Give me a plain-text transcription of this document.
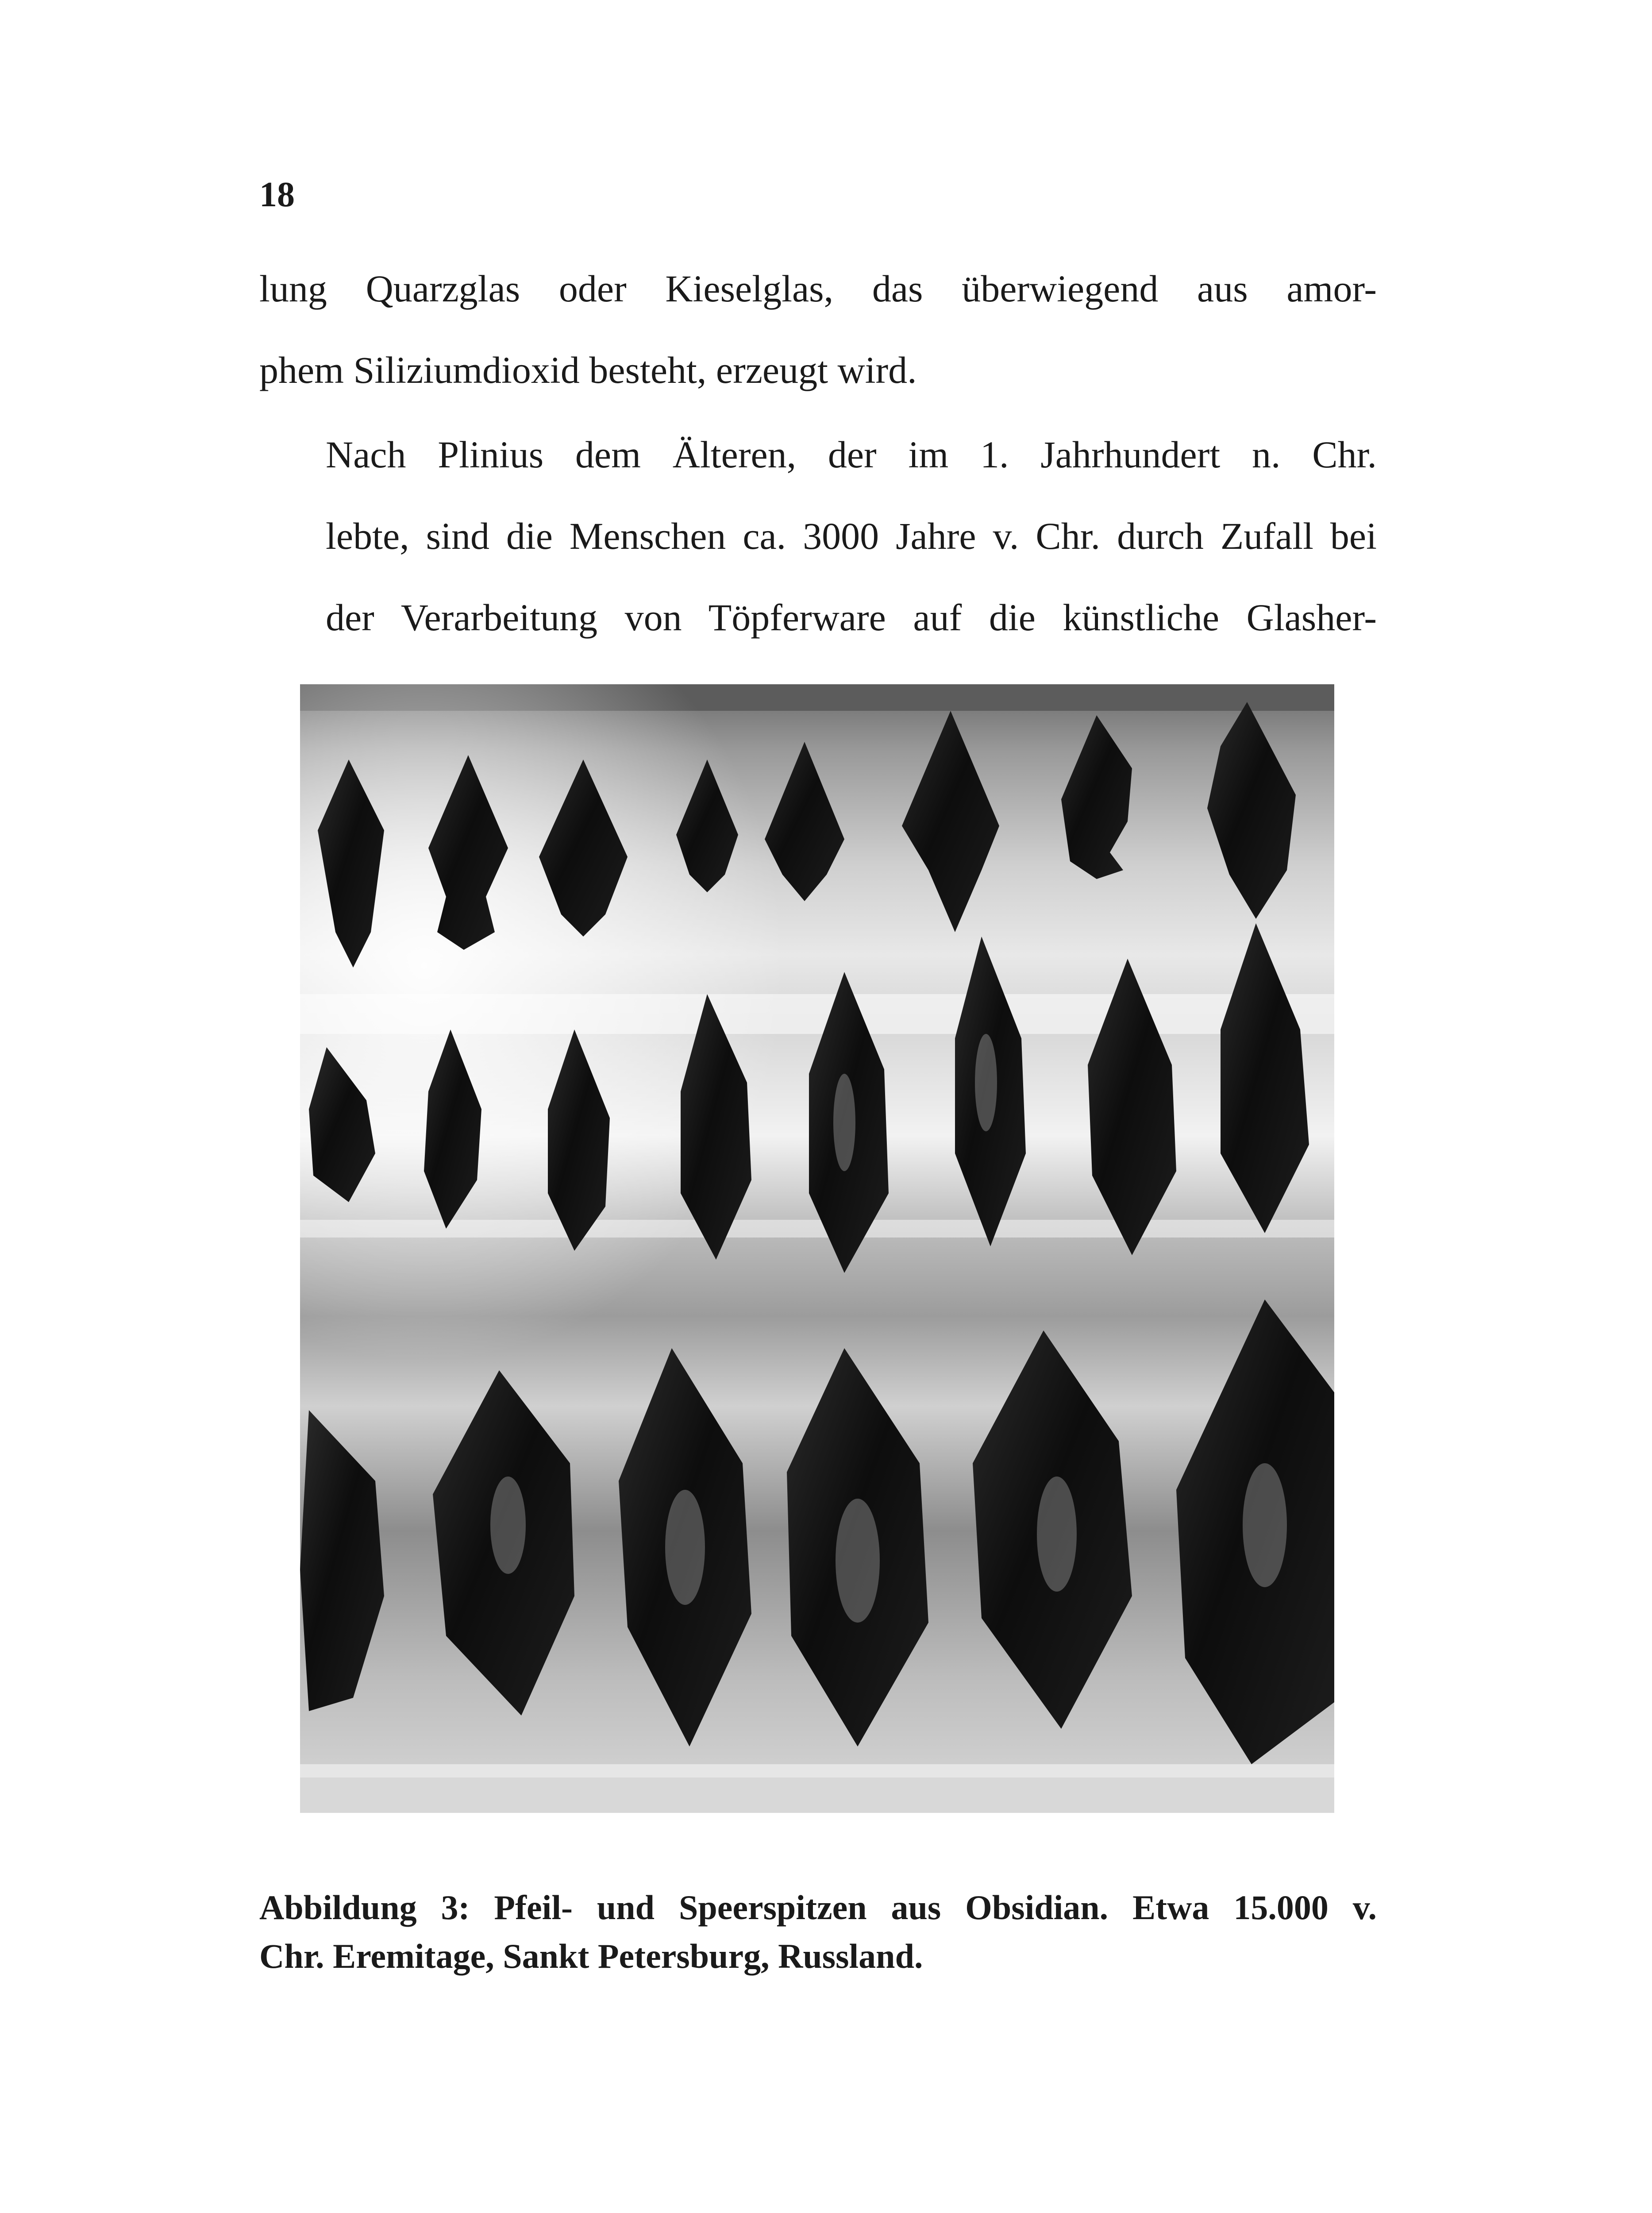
18

lung Quarzglas oder Kieselglas, das überwiegend aus amor-
phem Siliziumdioxid besteht, erzeugt wird.

Nach Plinius dem Älteren, der im 1. Jahrhundert n. Chr.
lebte, sind die Menschen ca. 3000 Jahre v. Chr. durch Zufall bei
der Verarbeitung von Töpferware auf die künstliche Glasher-

Abbildung 3: Pfeil- und Speerspitzen aus Obsidian. Etwa 15.000 v.
Chr. Eremitage, Sankt Petersburg, Russland.
